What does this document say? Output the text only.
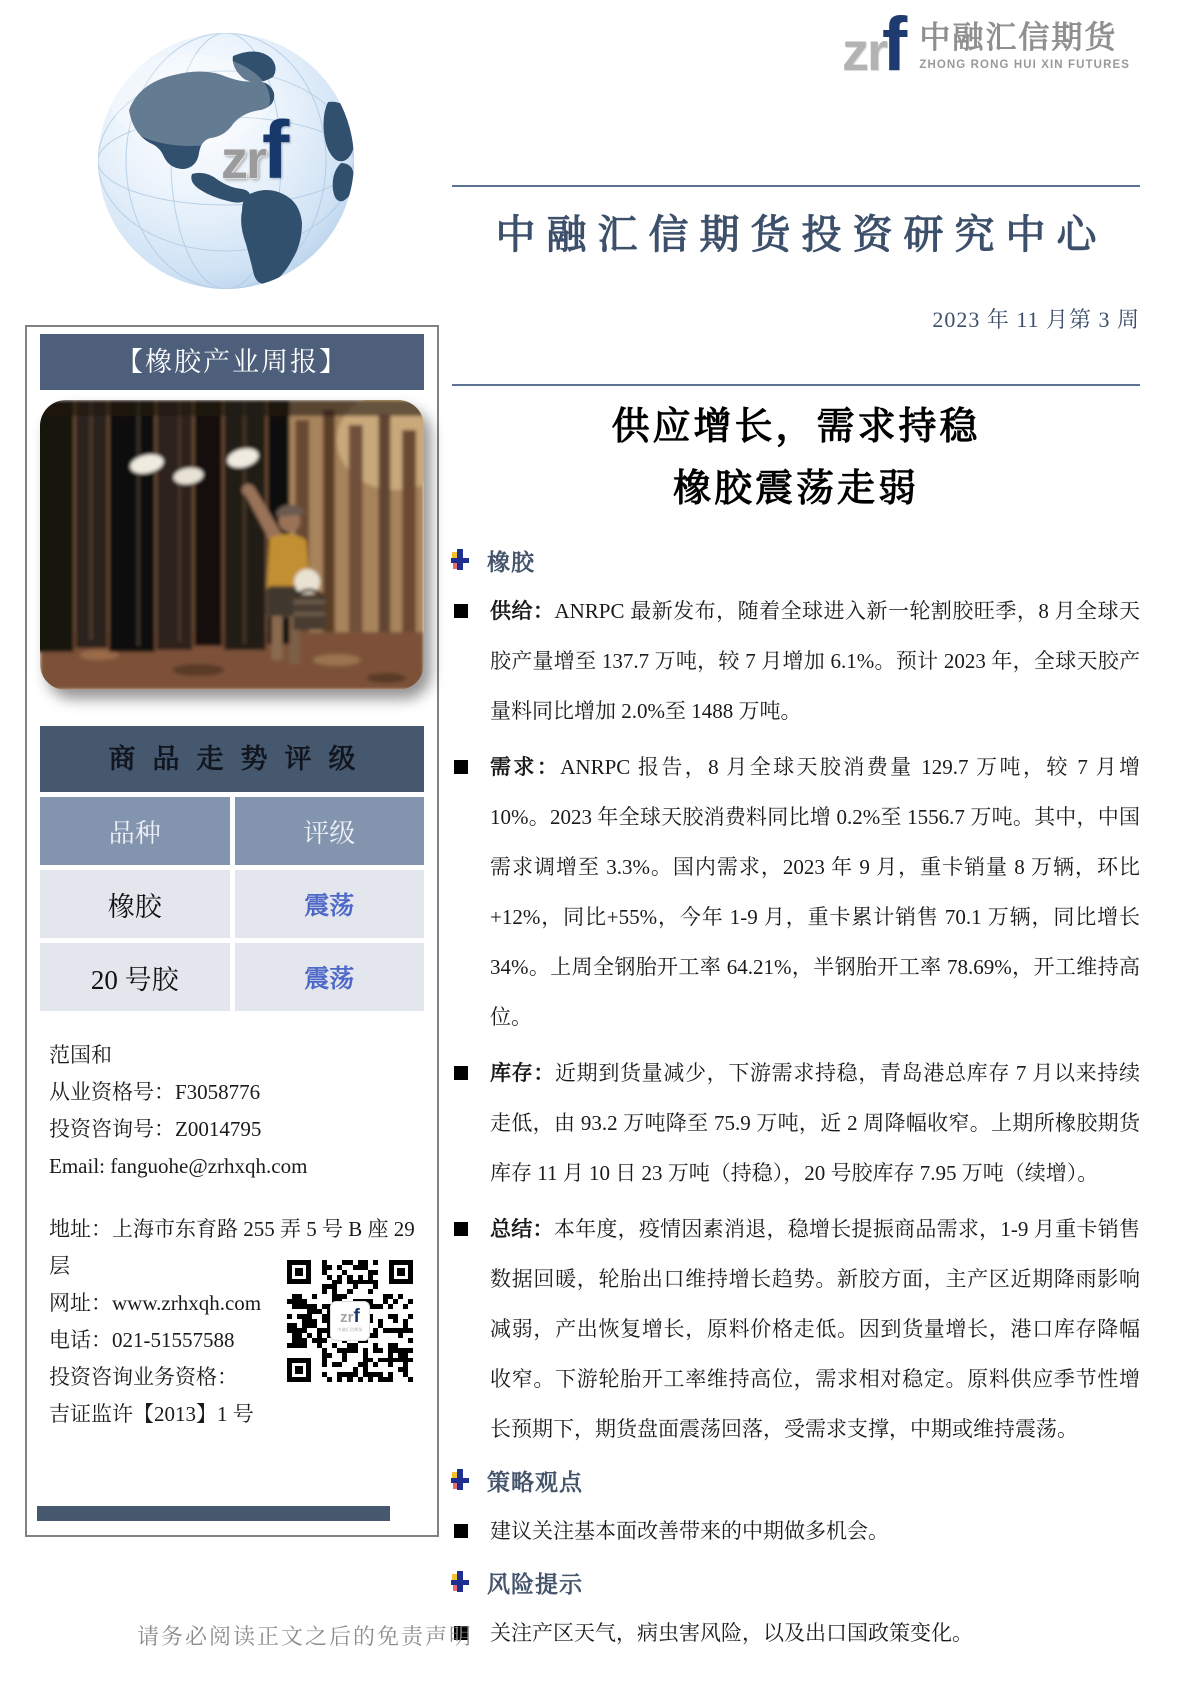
zr
f
zr
f 中融汇信期货
ZHONG RONG HUI XIN FUTURES
【橡胶产业周报】
商品走势评级
品种	评级
橡胶	震荡
20 号胶	震荡
范国和
从业资格号：F3058776
投资咨询号：Z0014795
Email: fanguohe@zrhxqh.com
地址：上海市东育路 255 弄 5 号 B 座 29 层
网址：www.zrhxqh.com
电话：021-51557588
投资咨询业务资格：
吉证监许【2013】1 号
zr f
中融汇信期货
中融汇信期货投资研究中心
2023 年 11 月第 3 周
供应增长，需求持稳
橡胶震荡走弱
橡胶

供给：ANRPC 最新发布，随着全球进入新一轮割胶旺季，8 月全球天胶产量增至 137.7 万吨，较 7 月增加 6.1%。预计 2023 年，全球天胶产量料同比增加 2.0%至 1488 万吨。

需求：ANRPC 报告，8 月全球天胶消费量 129.7 万吨，较 7 月增 10%。2023 年全球天胶消费料同比增 0.2%至 1556.7 万吨。其中，中国需求调增至 3.3%。国内需求，2023 年 9 月，重卡销量 8 万辆，环比+12%，同比+55%，今年 1-9 月，重卡累计销售 70.1 万辆，同比增长 34%。上周全钢胎开工率 64.21%，半钢胎开工率 78.69%，开工维持高位。

库存：近期到货量减少，下游需求持稳，青岛港总库存 7 月以来持续走低，由 93.2 万吨降至 75.9 万吨，近 2 周降幅收窄。上期所橡胶期货库存 11 月 10 日 23 万吨（持稳），20 号胶库存 7.95 万吨（续增）。

总结：本年度，疫情因素消退，稳增长提振商品需求，1-9 月重卡销售数据回暖，轮胎出口维持增长趋势。新胶方面，主产区近期降雨影响减弱，产出恢复增长，原料价格走低。因到货量增长，港口库存降幅收窄。下游轮胎开工率维持高位，需求相对稳定。原料供应季节性增长预期下，期货盘面震荡回落，受需求支撑，中期或维持震荡。

策略观点

建议关注基本面改善带来的中期做多机会。

风险提示

关注产区天气，病虫害风险，以及出口国政策变化。

请务必阅读正文之后的免责声明
